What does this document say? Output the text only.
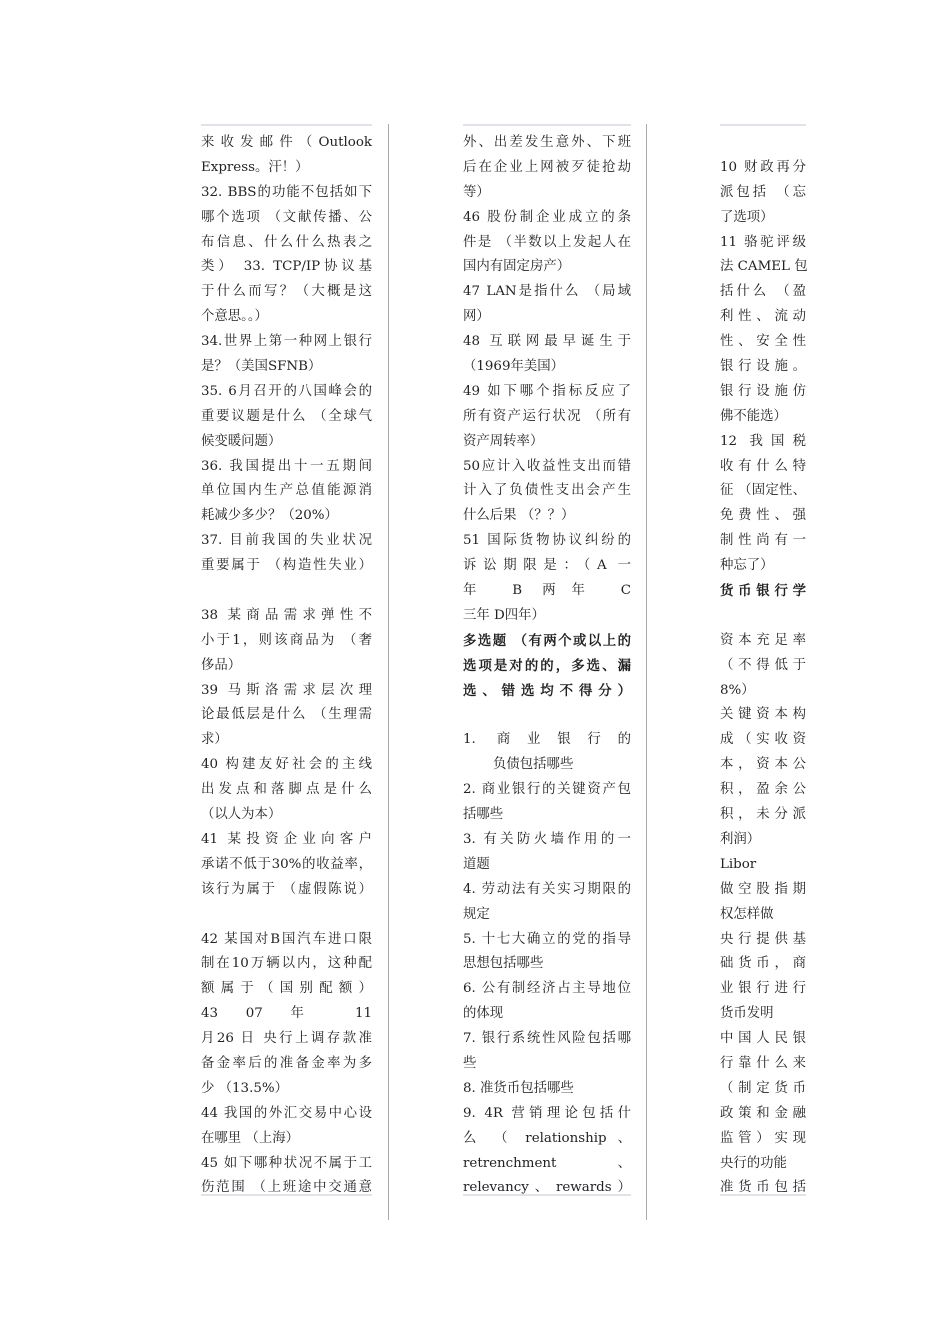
来 收 发 邮 件 （ Outlook
Express。汗！）
32. BBS的功能不包括如下
哪个选项 （文献传播、公
布信息、什么什么热表之
类） 33. TCP/IP协议基
于什么而写？（大概是这
个意思。。）
34.世界上第一种网上银行
是？（美国SFNB）
35. 6月召开的八国峰会的
重要议题是什么 （全球气
候变暖问题）
36. 我国提出十一五期间
单位国内生产总值能源消
耗减少多少？（20%）
37. 目前我国的失业状况
重要属于 （构造性失业）
38 某商品需求弹性不
小于1，则该商品为 （奢
侈品）
39 马斯洛需求层次理
论最低层是什么 （生理需
求）
40 构建友好社会的主线
出发点和落脚点是什么
（以人为本）
41 某投资企业向客户
承诺不低于30%的收益率，
该行为属于 （虚假陈说）
42 某国对B国汽车进口限
制在10万辆以内，这种配
额属于（国别配额）
43 07 年 11
月26 日 央行上调存款准
备金率后的准备金率为多
少 （13.5%）
44 我国的外汇交易中心设
在哪里 （上海）
45 如下哪种状况不属于工
伤范围 （上班途中交通意
外、出差发生意外、下班
后在企业上网被歹徒抢劫
等）
46 股份制企业成立的条
件是 （半数以上发起人在
国内有固定房产）
47 LAN是指什么 （局域
网）
48 互联网最早诞生于
（1969年美国）
49 如下哪个指标反应了
所有资产运行状况 （所有
资产周转率）
50应计入收益性支出而错
计入了负债性支出会产生
什么后果 （？？）
51 国际货物协议纠纷的
诉讼期限是：（A 一
年 B 两年 C
三年 D四年）
多选题 （有两个或以上的
选项是对的的，多选、漏
选、错选均不得分）
1. 商业银行的
负债包括哪些
2. 商业银行的关键资产包
括哪些
3. 有关防火墙作用的一
道题
4. 劳动法有关实习期限的
规定
5. 十七大确立的党的指导
思想包括哪些
6. 公有制经济占主导地位
的体现
7. 银行系统性风险包括哪
些
8. 准货币包括哪些
9. 4R 营销理论包括什
么 （ relationship 、
retrenchment 、
relevancy 、 rewards ）
10 财政再分
派包括 （忘
了选项）
11 骆驼评级
法 CAMEL 包
括什么 （盈
利性、流动
性、安全性
银行设施。
银行设施仿
佛不能选）
12 我国税
收有什么特
征 （固定性、
免费性、强
制性尚有一
种忘了）
货币银行学
资本充足率
（不得低于
8%）
关键资本构
成（实收资
本，资本公
积，盈余公
积，未分派
利润）
Libor
做空股指期
权怎样做
央行提供基
础货币，商
业银行进行
货币发明
中国人民银
行靠什么来
（制定货币
政策和金融
监管）实现
央行的功能
准货币包括
